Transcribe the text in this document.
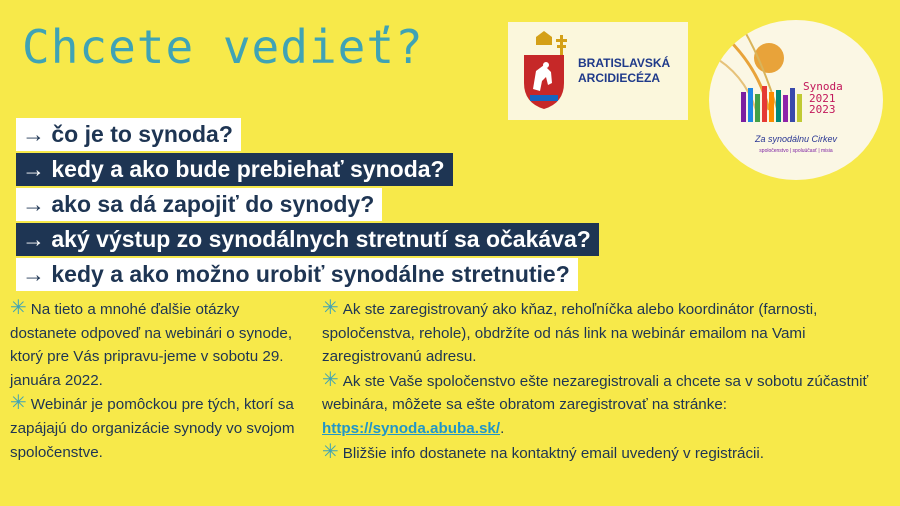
Chcete vedieť?	BRATISLAVSKÁ
ARCIDIECÉZA
Synoda
2021
2023
Za synodálnu Cirkev
spoločenstvo | spoluúčasť | misia
→ čo je to synoda?
→ kedy a ako bude prebiehať synoda?
→ ako sa dá zapojiť do synody?
→ aký výstup zo synodálnych stretnutí sa očakáva?
→ kedy a ako možno urobiť synodálne stretnutie?

✳ Na tieto a mnohé ďalšie otázky dostanete odpoveď na webinári o synode, ktorý pre Vás pripravu-jeme v sobotu 29. januára 2022.

✳ Webinár je pomôckou pre tých, ktorí sa zapájajú do organizácie synody vo svojom spoločenstve.

✳ Ak ste zaregistrovaný ako kňaz, rehoľníčka alebo koordinátor (farnosti, spoločenstva, rehole), obdržíte od nás link na webinár emailom na Vami zaregistrovanú adresu.

✳ Ak ste Vaše spoločenstvo ešte nezaregistrovali a chcete sa v sobotu zúčastniť webinára, môžete sa ešte obratom zaregistrovať na stránke: https://synoda.abuba.sk/.

✳ Bližšie info dostanete na kontaktný email uvedený v registrácii.
